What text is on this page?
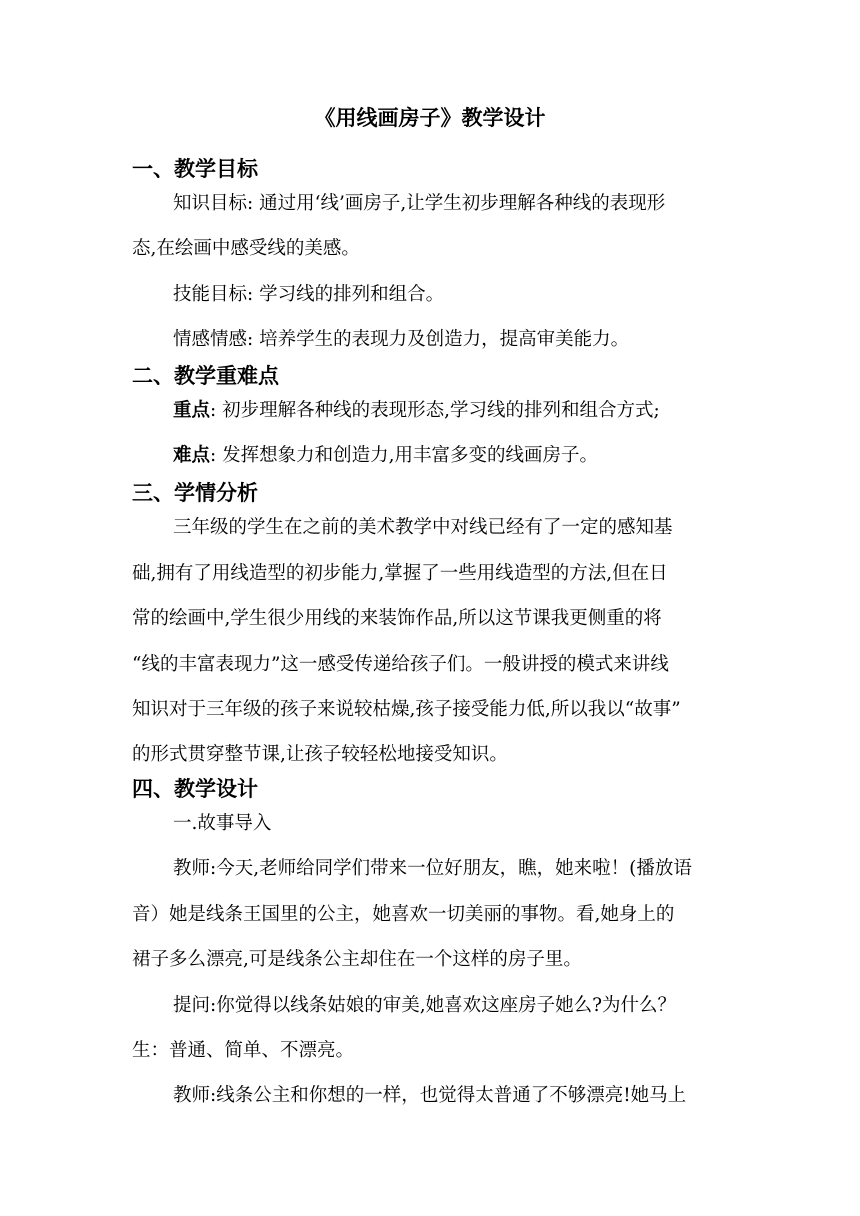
《用线画房子》教学设计
一、教学目标
知识目标: 通过用‘线’画房子,让学生初步理解各种线的表现形
态,在绘画中感受线的美感。
技能目标: 学习线的排列和组合。
情感情感: 培养学生的表现力及创造力，提高审美能力。
二、教学重难点
重点: 初步理解各种线的表现形态,学习线的排列和组合方式;
难点: 发挥想象力和创造力,用丰富多变的线画房子。
三、学情分析
三年级的学生在之前的美术教学中对线已经有了一定的感知基
础,拥有了用线造型的初步能力,掌握了一些用线造型的方法,但在日
常的绘画中,学生很少用线的来装饰作品,所以这节课我更侧重的将
“线的丰富表现力”这一感受传递给孩子们。一般讲授的模式来讲线
知识对于三年级的孩子来说较枯燥,孩子接受能力低,所以我以“故事”
的形式贯穿整节课,让孩子较轻松地接受知识。
四、教学设计
一.故事导入
教师:今天,老师给同学们带来一位好朋友，瞧，她来啦！(播放语
音）她是线条王国里的公主，她喜欢一切美丽的事物。看,她身上的
裙子多么漂亮,可是线条公主却住在一个这样的房子里。
提问:你觉得以线条姑娘的审美,她喜欢这座房子她么?为什么？
生：普通、简单、不漂亮。
教师:线条公主和你想的一样，也觉得太普通了不够漂亮!她马上
